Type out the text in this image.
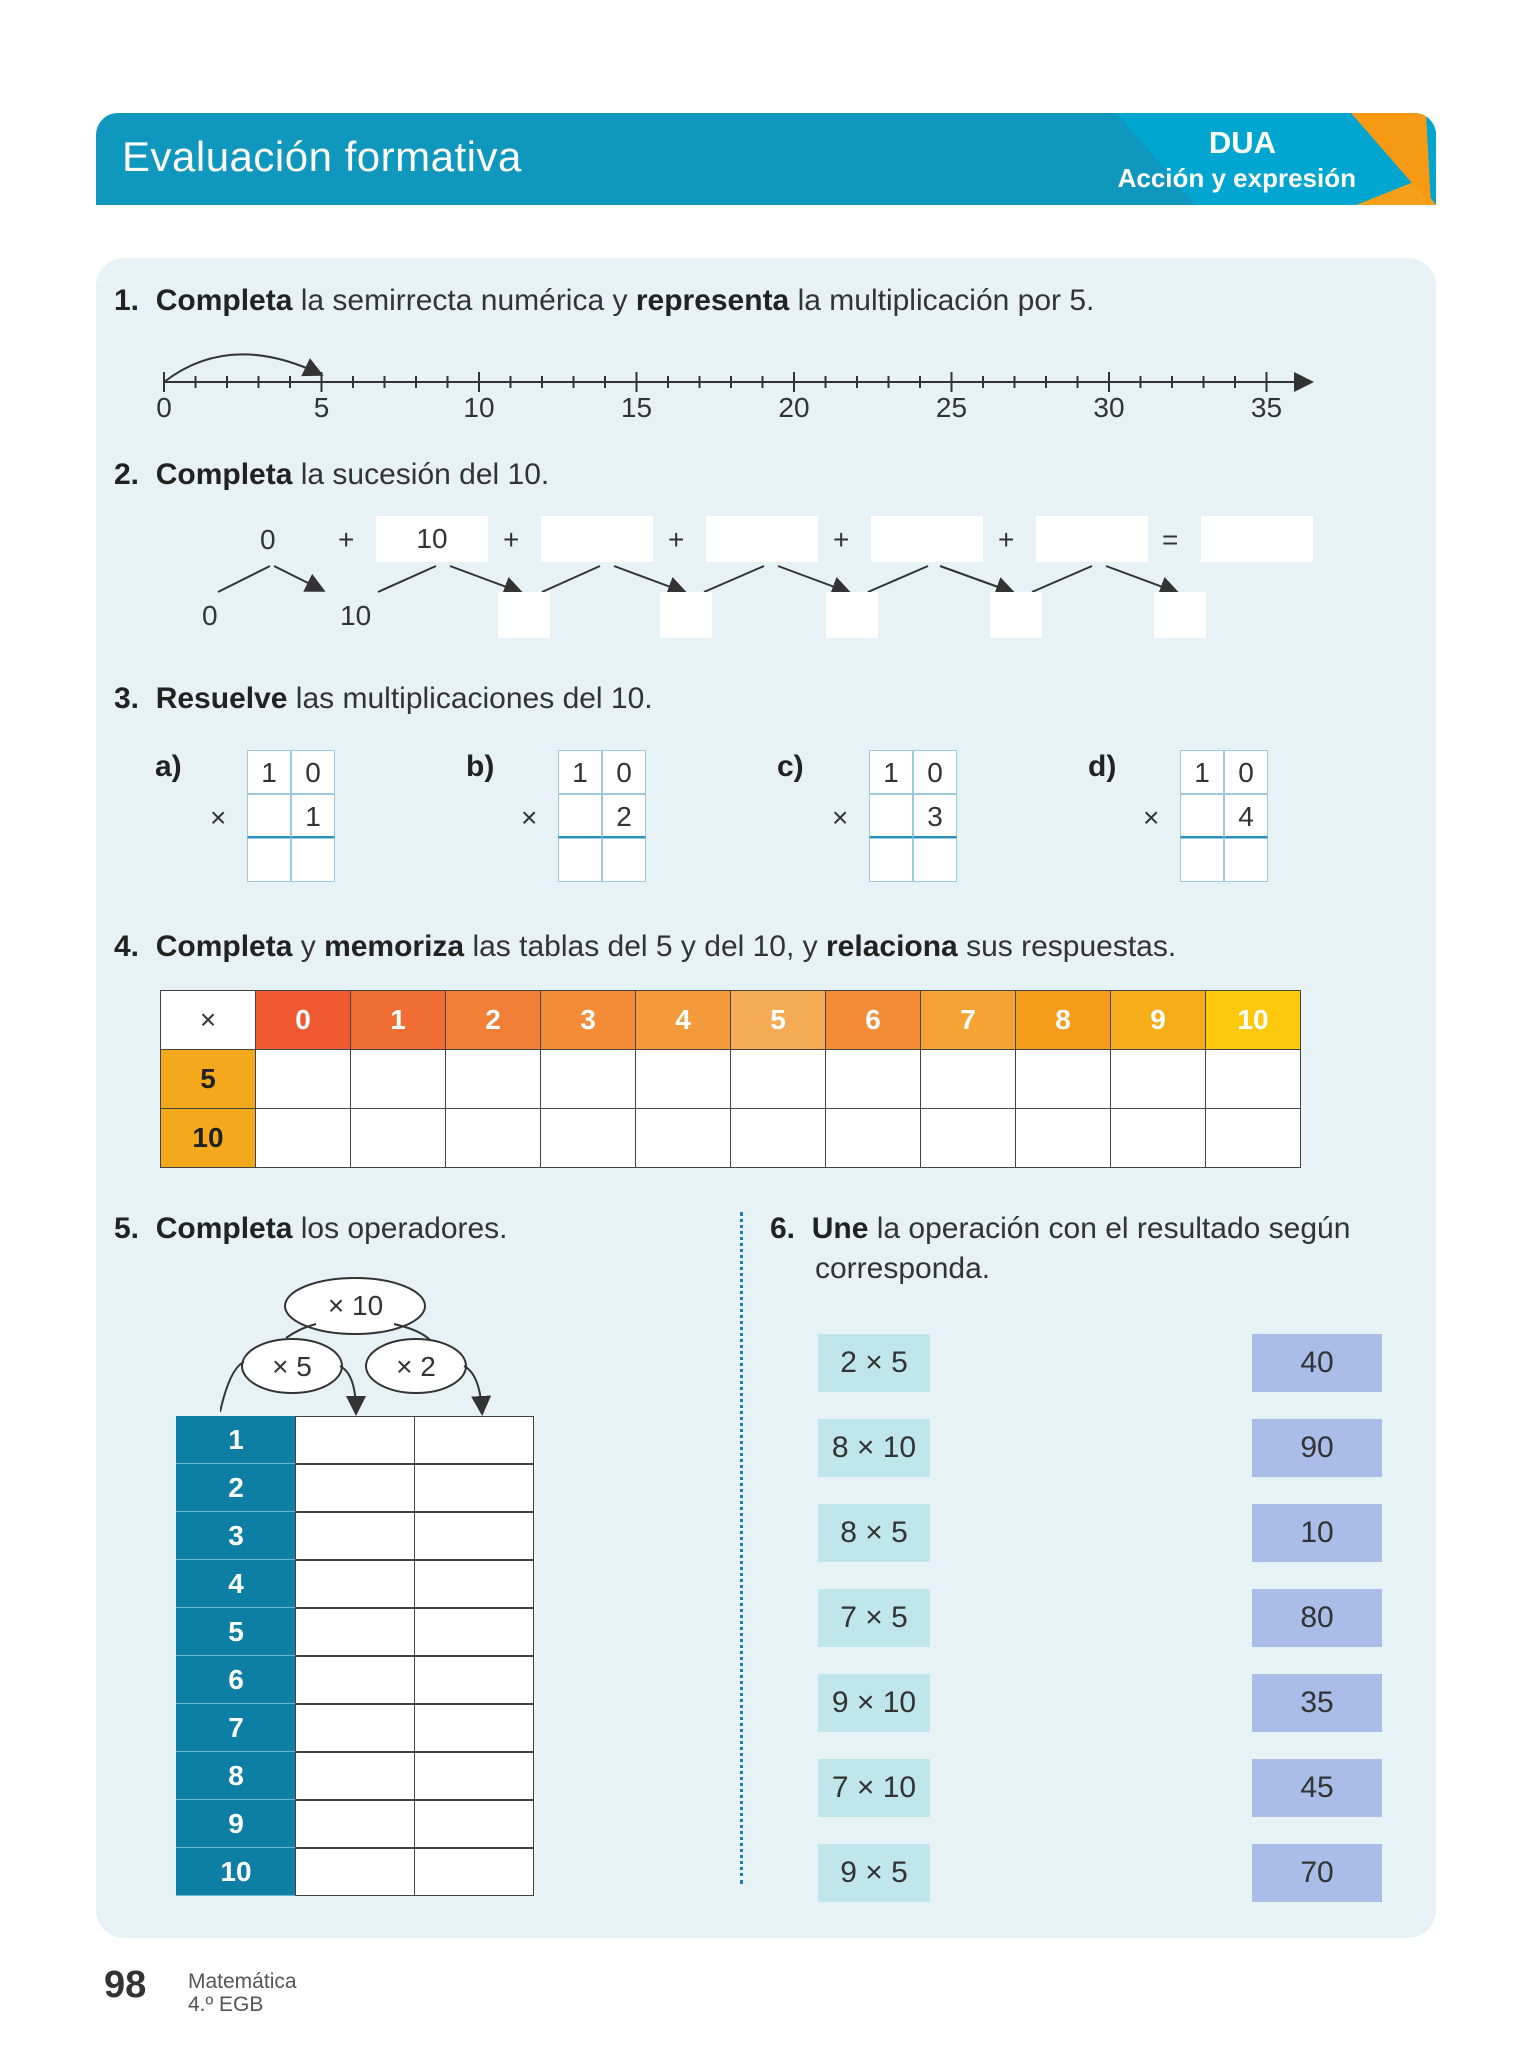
Evaluación formativa	DUA
Acción y expresión
1. Completa la semirrecta numérica y representa la multiplicación por 5.
0	5	10	15	20	25	30	35
2. Completa la sucesión del 10.
0 +	10	+	+	+	+	=
0	10
3. Resuelve las multiplicaciones del 10.
a)
×
1	0
1
b)
×
1	0
2
c)
×
1	0
3
d)
×
1	0
4
4. Completa y memoriza las tablas del 5 y del 10, y relaciona sus respuestas.
×	0	1	2	3	4	5	6	7	8	9	10
5											
10											
5. Completa los operadores.
× 10
× 5	× 2
1
2
3
4
5
6
7
8
9
10
6. Une la operación con el resultado según
corresponda.
2 × 5
8 × 10
8 × 5
7 × 5
9 × 10
7 × 10
9 × 5
40
90
10
80
35
45
70
98 Matemática
4.º EGB
